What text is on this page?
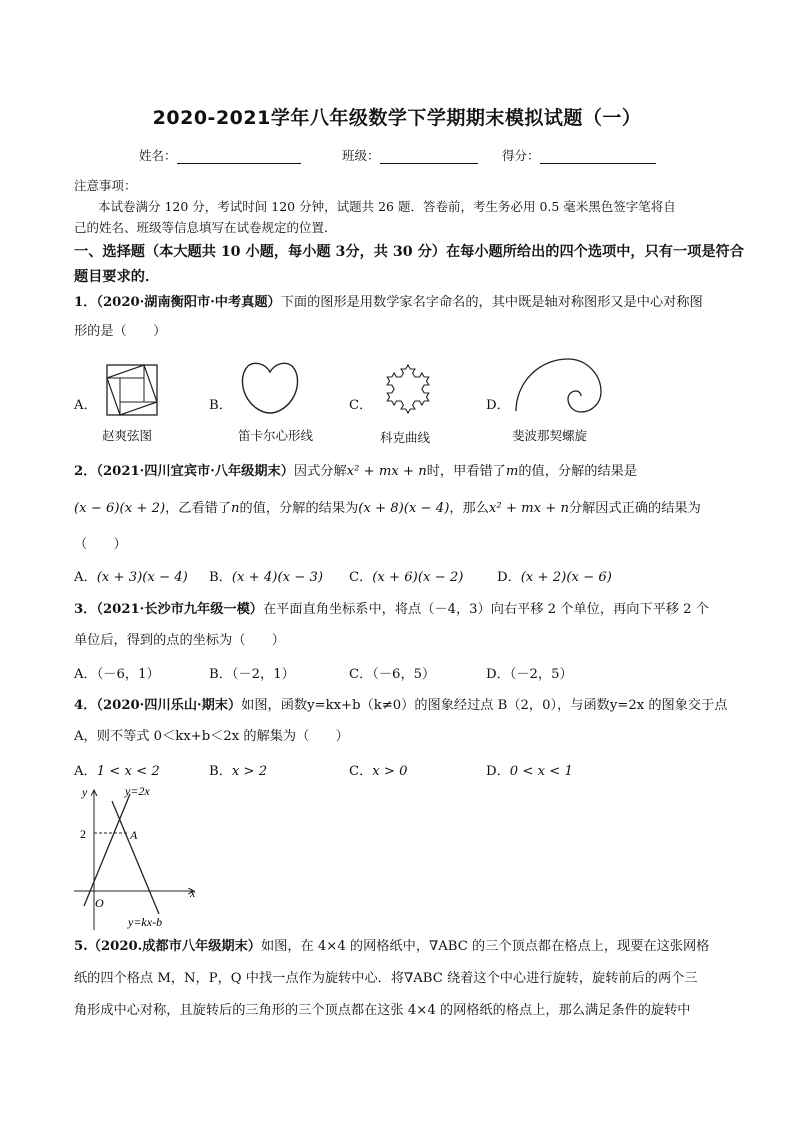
2020-2021学年八年级数学下学期期末模拟试题（一）
姓名：	班级：	得分：
注意事项：
本试卷满分 120 分，考试时间 120 分钟，试题共 26 题．答卷前，考生务必用 0.5 毫米黑色签字笔将自
己的姓名、班级等信息填写在试卷规定的位置．
一、选择题（本大题共 10 小题，每小题 3分，共 30 分）在每小题所给出的四个选项中，只有一项是符合
题目要求的．
1．（2020·湖南衡阳市·中考真题）下面的图形是用数学家名字命名的，其中既是轴对称图形又是中心对称图
形的是（　　）
A．
赵爽弦图
B．
笛卡尔心形线
C．
科克曲线
D．
斐波那契螺旋
2．（2021·四川宜宾市·八年级期末）因式分解x² + mx + n时，甲看错了m的值，分解的结果是
(x − 6)(x + 2)，乙看错了n的值，分解的结果为(x + 8)(x − 4)，那么x² + mx + n分解因式正确的结果为
（　　）
A．(x + 3)(x − 4) B．(x + 4)(x − 3) C．(x + 6)(x − 2)	D．(x + 2)(x − 6)
3．（2021·长沙市九年级一模）在平面直角坐标系中，将点（－4，3）向右平移 2 个单位，再向下平移 2 个
单位后，得到的点的坐标为（　　）
A．（－6，1）	B．（－2，1）	C．（－6，5）	D．（－2，5）
4．（2020·四川乐山·期末）如图，函数y=kx+b（k≠0）的图象经过点 B（2，0），与函数y=2x 的图象交于点
A，则不等式 0＜kx+b＜2x 的解集为（　　）
A．1 < x < 2	B．x > 2	C．x > 0	D．0 < x < 1
y
x
O
2	A
y=2x
y=kx-b
5.（2020.成都市八年级期末）如图，在 4×4 的网格纸中，∇ABC 的三个顶点都在格点上，现要在这张网格
纸的四个格点 M，N，P，Q 中找一点作为旋转中心．将∇ABC 绕着这个中心进行旋转，旋转前后的两个三
角形成中心对称，且旋转后的三角形的三个顶点都在这张 4×4 的网格纸的格点上，那么满足条件的旋转中
